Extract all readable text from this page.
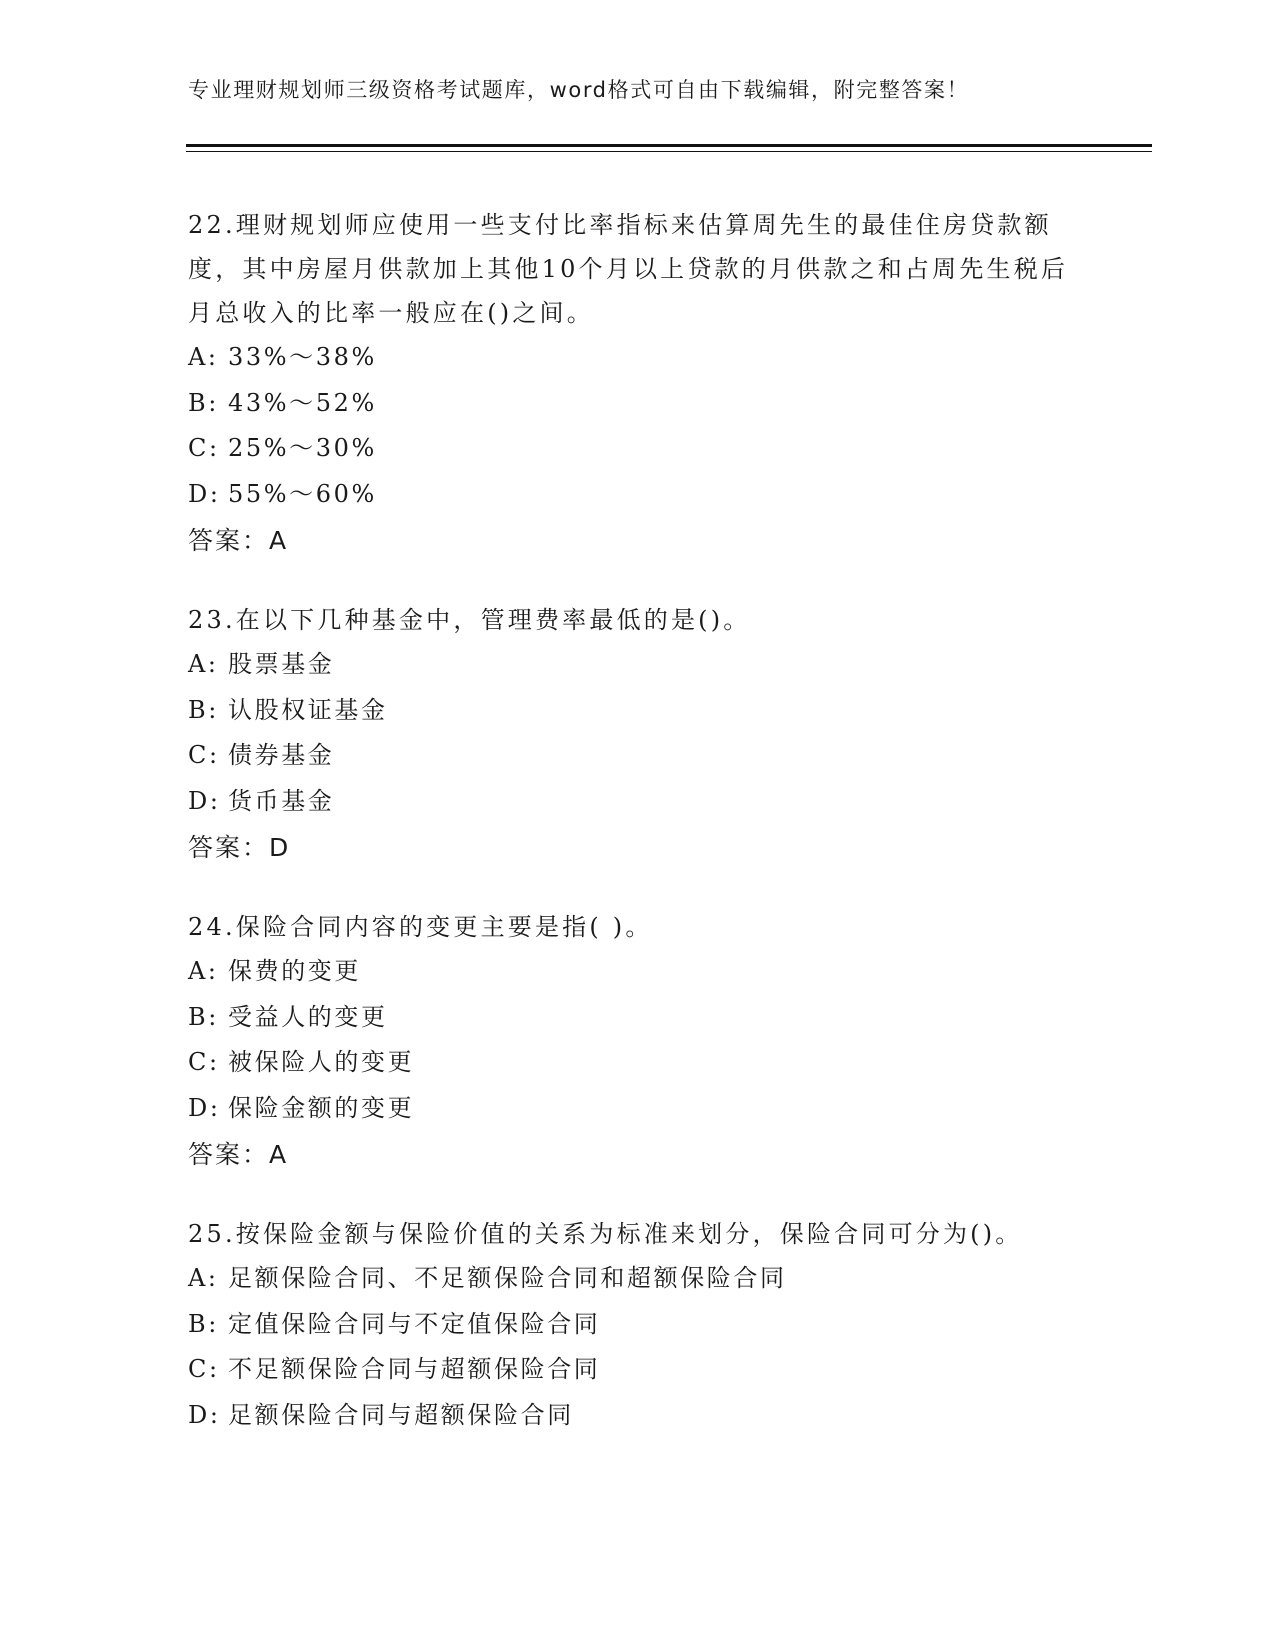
专业理财规划师三级资格考试题库，word格式可自由下载编辑，附完整答案！

22.理财规划师应使用一些支付比率指标来估算周先生的最佳住房贷款额度，其中房屋月供款加上其他10个月以上贷款的月供款之和占周先生税后月总收入的比率一般应在()之间。

A: 33%～38%

B: 43%～52%

C: 25%～30%

D: 55%～60%

答案：A

23.在以下几种基金中，管理费率最低的是()。

A: 股票基金

B: 认股权证基金

C: 债券基金

D: 货币基金

答案：D

24.保险合同内容的变更主要是指( )。

A: 保费的变更

B: 受益人的变更

C: 被保险人的变更

D: 保险金额的变更

答案：A

25.按保险金额与保险价值的关系为标准来划分，保险合同可分为()。

A: 足额保险合同、不足额保险合同和超额保险合同

B: 定值保险合同与不定值保险合同

C: 不足额保险合同与超额保险合同

D: 足额保险合同与超额保险合同
